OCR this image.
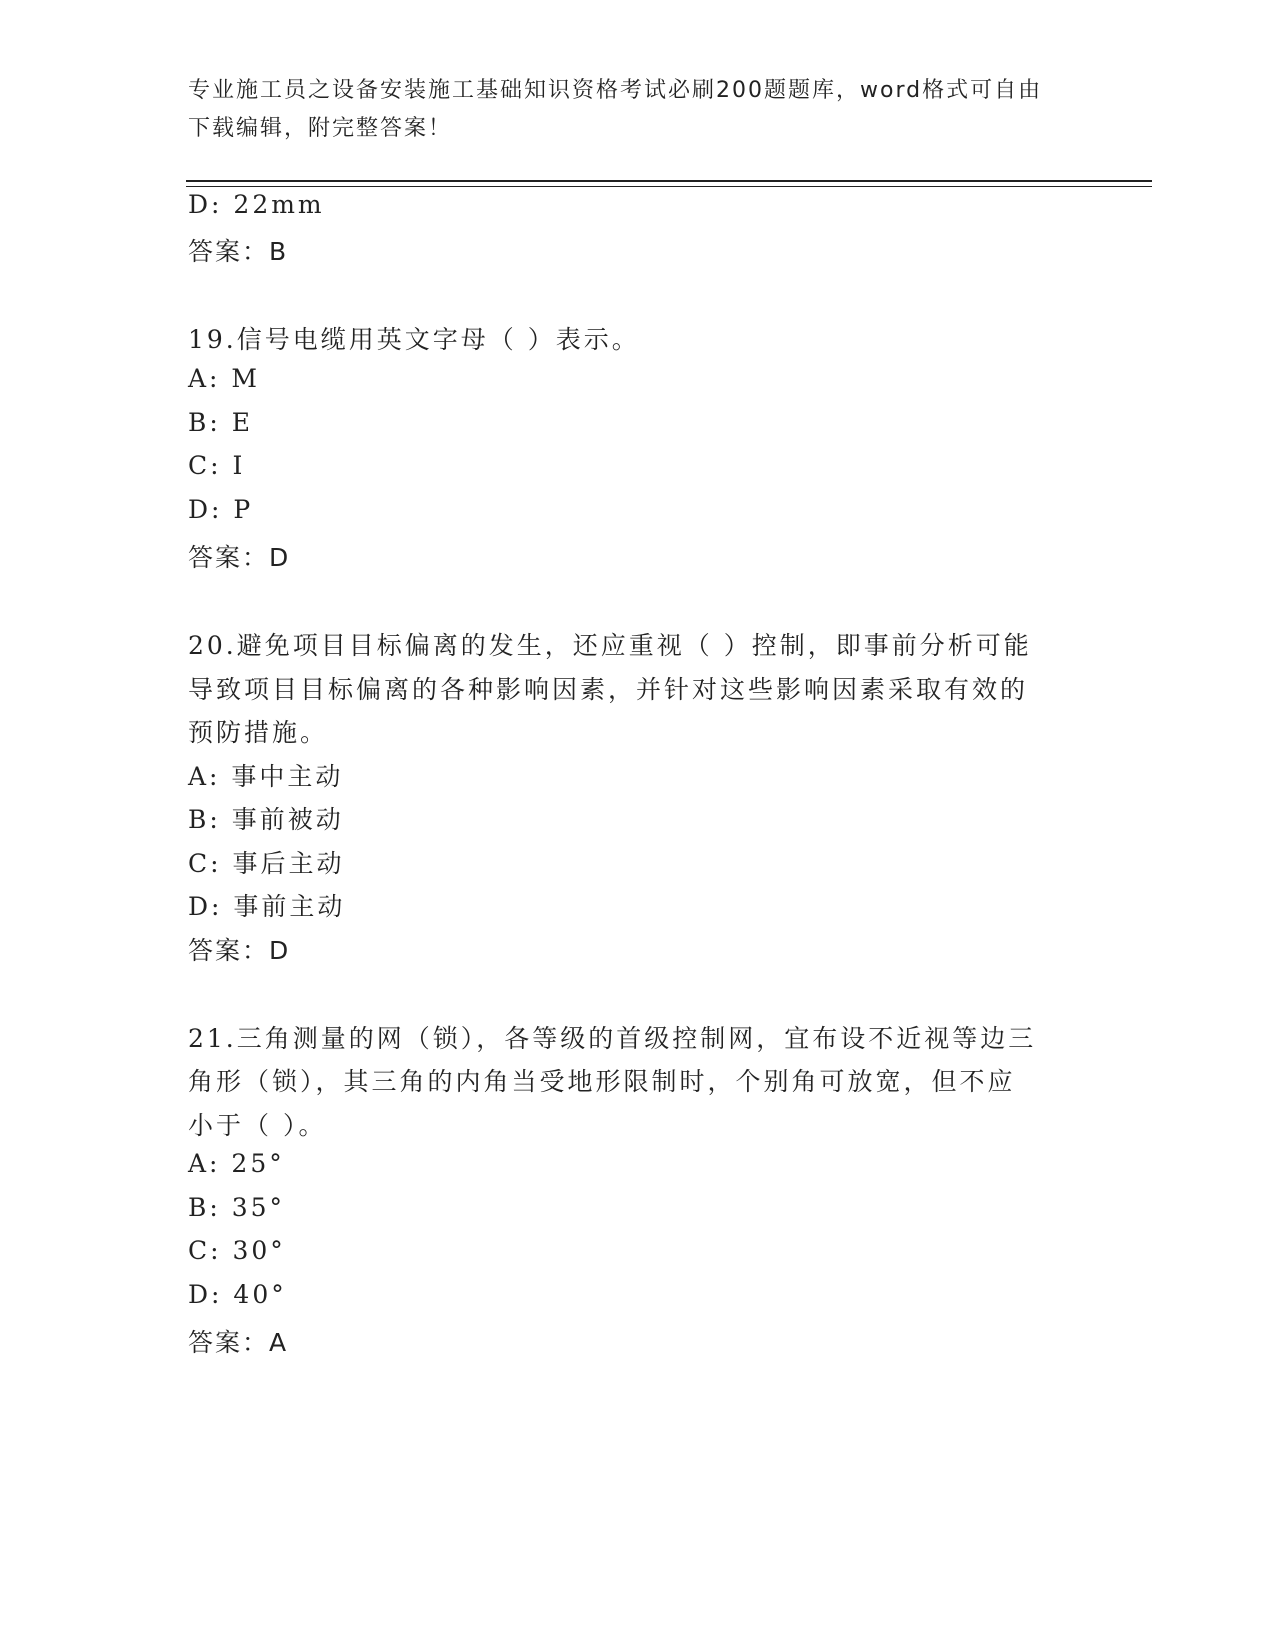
专业施工员之设备安装施工基础知识资格考试必刷200题题库，word格式可自由
下载编辑，附完整答案！
D: 22mm
答案：B
19.信号电缆用英文字母（ ）表示。
A: M
B: E
C: I
D: P
答案：D
20.避免项目目标偏离的发生，还应重视（ ）控制，即事前分析可能
导致项目目标偏离的各种影响因素，并针对这些影响因素采取有效的
预防措施。
A: 事中主动
B: 事前被动
C: 事后主动
D: 事前主动
答案：D
21.三角测量的网（锁），各等级的首级控制网，宜布设不近视等边三
角形（锁），其三角的内角当受地形限制时，个别角可放宽，但不应
小于（ ）。
A: 25°
B: 35°
C: 30°
D: 40°
答案：A
